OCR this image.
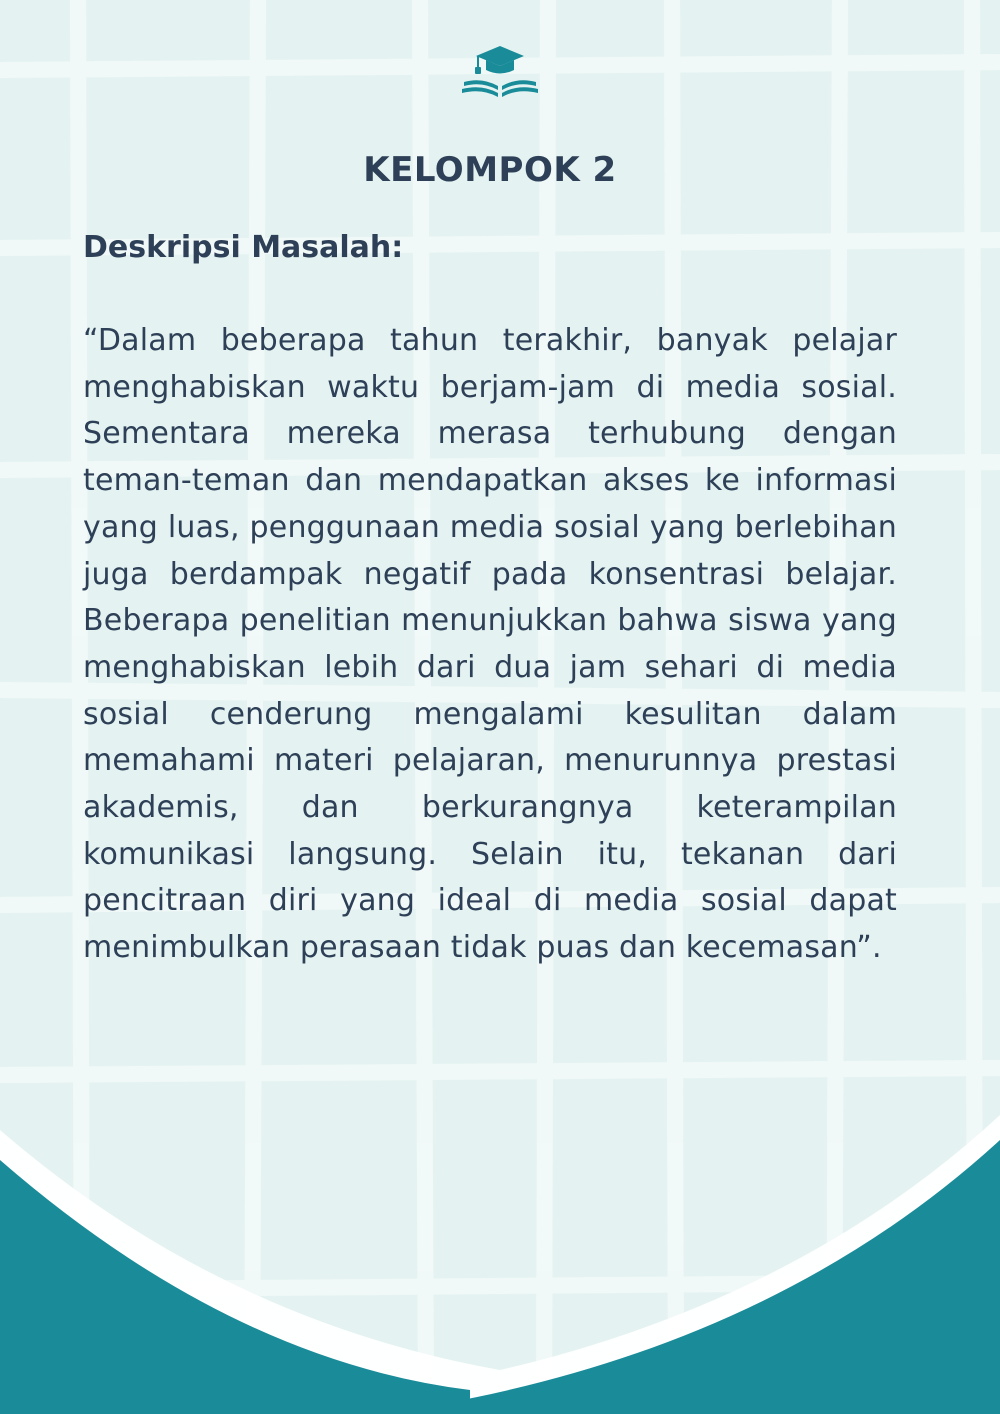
KELOMPOK 2
Deskripsi Masalah:

“Dalam beberapa tahun terakhir, banyak pelajar menghabiskan waktu berjam-jam di media sosial. Sementara mereka merasa terhubung dengan teman-teman dan mendapatkan akses ke informasi yang luas, penggunaan media sosial yang berlebihan juga berdampak negatif pada konsentrasi belajar. Beberapa penelitian menunjukkan bahwa siswa yang menghabiskan lebih dari dua jam sehari di media sosial cenderung mengalami kesulitan dalam memahami materi pelajaran, menurunnya prestasi akademis, dan berkurangnya keterampilan komunikasi langsung. Selain itu, tekanan dari pencitraan diri yang ideal di media sosial dapat menimbulkan perasaan tidak puas dan kecemasan”.
